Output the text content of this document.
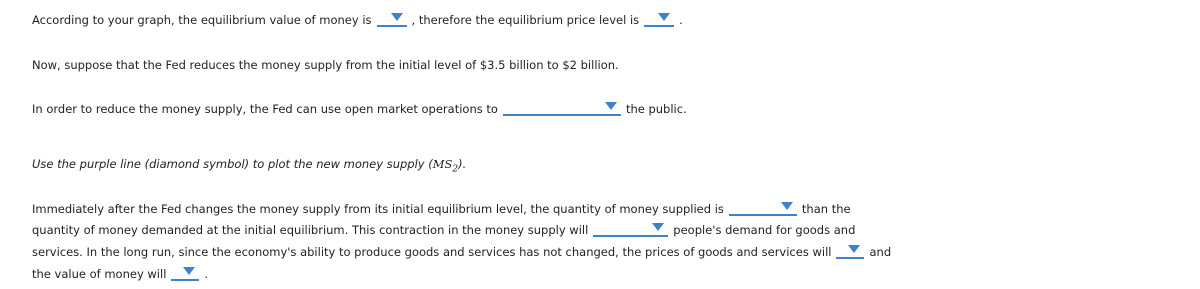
According to your graph, the equilibrium value of money is	, therefore the equilibrium price level is	.
Now, suppose that the Fed reduces the money supply from the initial level of $3.5 billion to $2 billion.
In order to reduce the money supply, the Fed can use open market operations to	the public.
Use the purple line (diamond symbol) to plot the new money supply $(MS_2)$.
Immediately after the Fed changes the money supply from its initial equilibrium level, the quantity of money supplied is	than the
quantity of money demanded at the initial equilibrium. This contraction in the money supply will	people's demand for goods and
services. In the long run, since the economy's ability to produce goods and services has not changed, the prices of goods and services will	and
the value of money will	.
